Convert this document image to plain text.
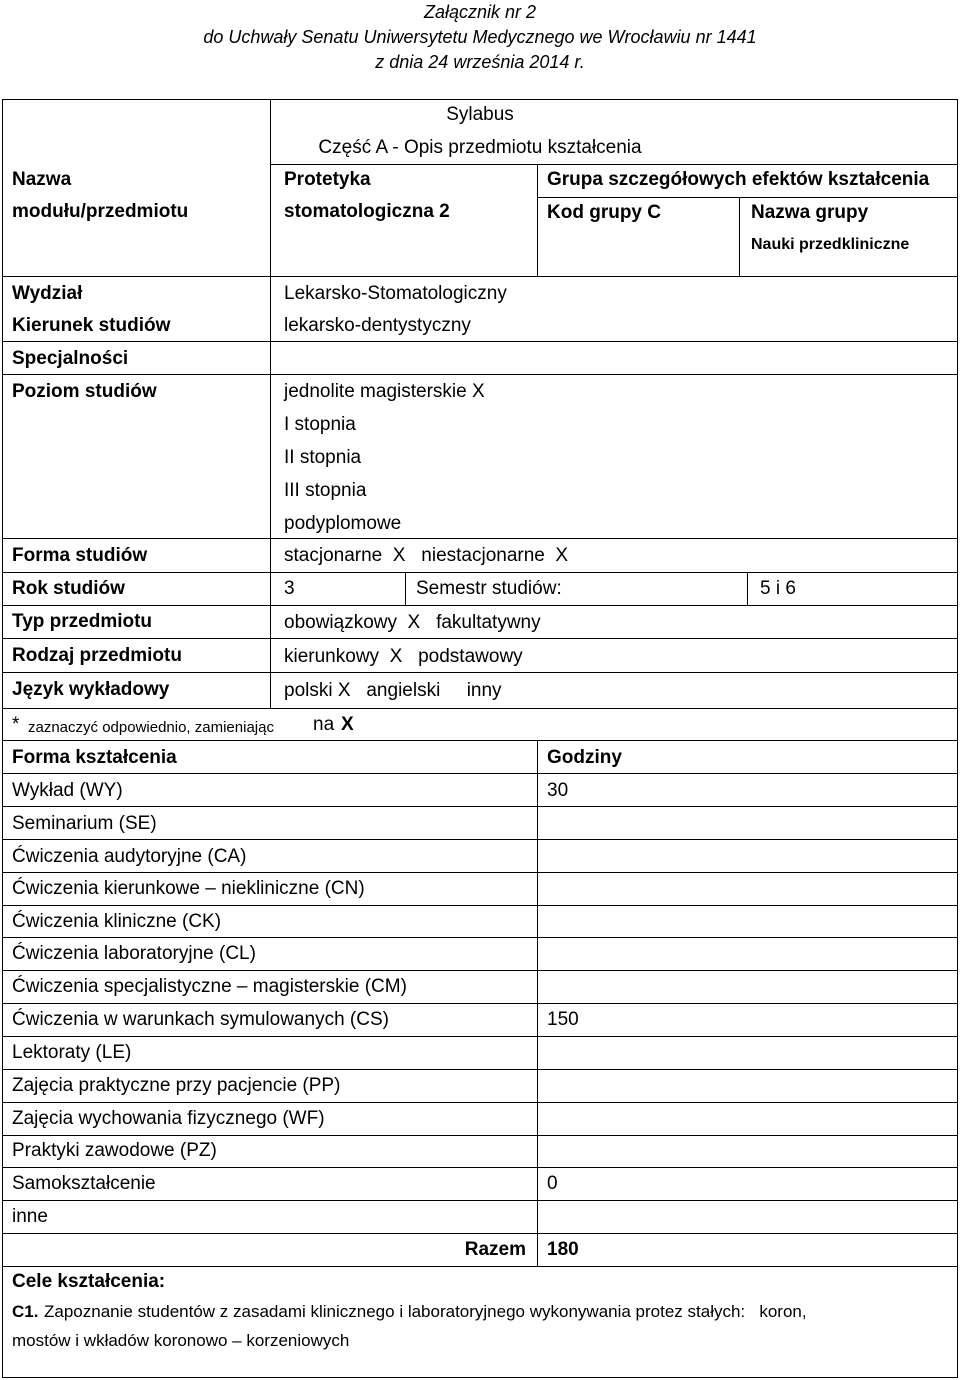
Załącznik nr 2
do Uchwały Senatu Uniwersytetu Medycznego we Wrocławiu nr 1441
z dnia 24 września 2014 r.
Sylabus
Część A - Opis przedmiotu kształcenia
Nazwa
modułu/przedmiotu
Protetyka
stomatologiczna 2
Grupa szczegółowych efektów kształcenia
Kod grupy C	Nazwa grupy
Nauki przedkliniczne
Wydział	Lekarsko-Stomatologiczny
Kierunek studiów	lekarsko-dentystyczny
Specjalności
Poziom studiów	jednolite magisterskie X
I stopnia
II stopnia
III stopnia
podyplomowe
Forma studiów	stacjonarne  X   niestacjonarne  X
Rok studiów	3	Semestr studiów:	5 i 6
Typ przedmiotu	obowiązkowy  X   fakultatywny
Rodzaj przedmiotu	kierunkowy  X   podstawowy
Język wykładowy	polski X   angielski     inny
* zaznaczyć odpowiednio, zamieniając na X
Forma kształcenia	Godziny
Wykład (WY)	30
Seminarium (SE)
Ćwiczenia audytoryjne (CA)
Ćwiczenia kierunkowe – niekliniczne (CN)
Ćwiczenia kliniczne (CK)
Ćwiczenia laboratoryjne (CL)
Ćwiczenia specjalistyczne – magisterskie (CM)
Ćwiczenia w warunkach symulowanych (CS)	150
Lektoraty (LE)
Zajęcia praktyczne przy pacjencie (PP)
Zajęcia wychowania fizycznego (WF)
Praktyki zawodowe (PZ)
Samokształcenie	0
inne
Razem 180
Cele kształcenia:
C1. Zapoznanie studentów z zasadami klinicznego i laboratoryjnego wykonywania protez stałych:   koron,
mostów i wkładów koronowo – korzeniowych
